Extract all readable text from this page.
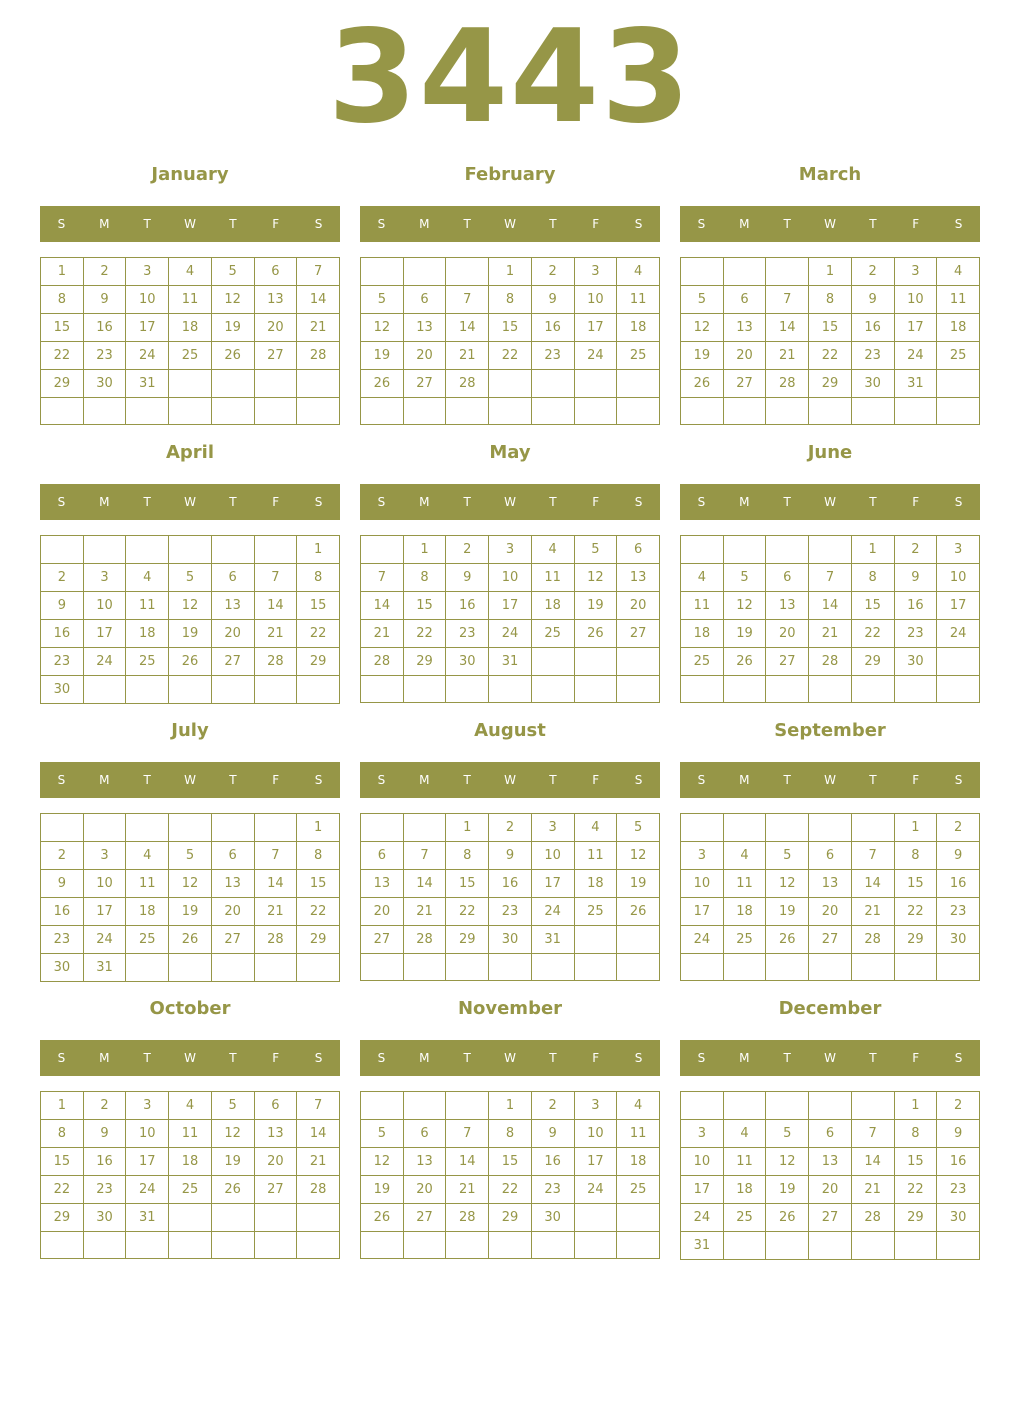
3443
January
S	M	T	W	T	F	S
1	2	3	4	5	6	7
8	9	10	11	12	13	14
15	16	17	18	19	20	21
22	23	24	25	26	27	28
29	30	31				

February
S	M	T	W	T	F	S
			1	2	3	4
5	6	7	8	9	10	11
12	13	14	15	16	17	18
19	20	21	22	23	24	25
26	27	28				

March
S	M	T	W	T	F	S
			1	2	3	4
5	6	7	8	9	10	11
12	13	14	15	16	17	18
19	20	21	22	23	24	25
26	27	28	29	30	31	

April
S	M	T	W	T	F	S
						1
2	3	4	5	6	7	8
9	10	11	12	13	14	15
16	17	18	19	20	21	22
23	24	25	26	27	28	29
30						
May
S	M	T	W	T	F	S
	1	2	3	4	5	6
7	8	9	10	11	12	13
14	15	16	17	18	19	20
21	22	23	24	25	26	27
28	29	30	31			

June
S	M	T	W	T	F	S
				1	2	3
4	5	6	7	8	9	10
11	12	13	14	15	16	17
18	19	20	21	22	23	24
25	26	27	28	29	30	

July
S	M	T	W	T	F	S
						1
2	3	4	5	6	7	8
9	10	11	12	13	14	15
16	17	18	19	20	21	22
23	24	25	26	27	28	29
30	31					
August
S	M	T	W	T	F	S
		1	2	3	4	5
6	7	8	9	10	11	12
13	14	15	16	17	18	19
20	21	22	23	24	25	26
27	28	29	30	31		

September
S	M	T	W	T	F	S
					1	2
3	4	5	6	7	8	9
10	11	12	13	14	15	16
17	18	19	20	21	22	23
24	25	26	27	28	29	30

October
S	M	T	W	T	F	S
1	2	3	4	5	6	7
8	9	10	11	12	13	14
15	16	17	18	19	20	21
22	23	24	25	26	27	28
29	30	31				

November
S	M	T	W	T	F	S
			1	2	3	4
5	6	7	8	9	10	11
12	13	14	15	16	17	18
19	20	21	22	23	24	25
26	27	28	29	30		

December
S	M	T	W	T	F	S
					1	2
3	4	5	6	7	8	9
10	11	12	13	14	15	16
17	18	19	20	21	22	23
24	25	26	27	28	29	30
31						
